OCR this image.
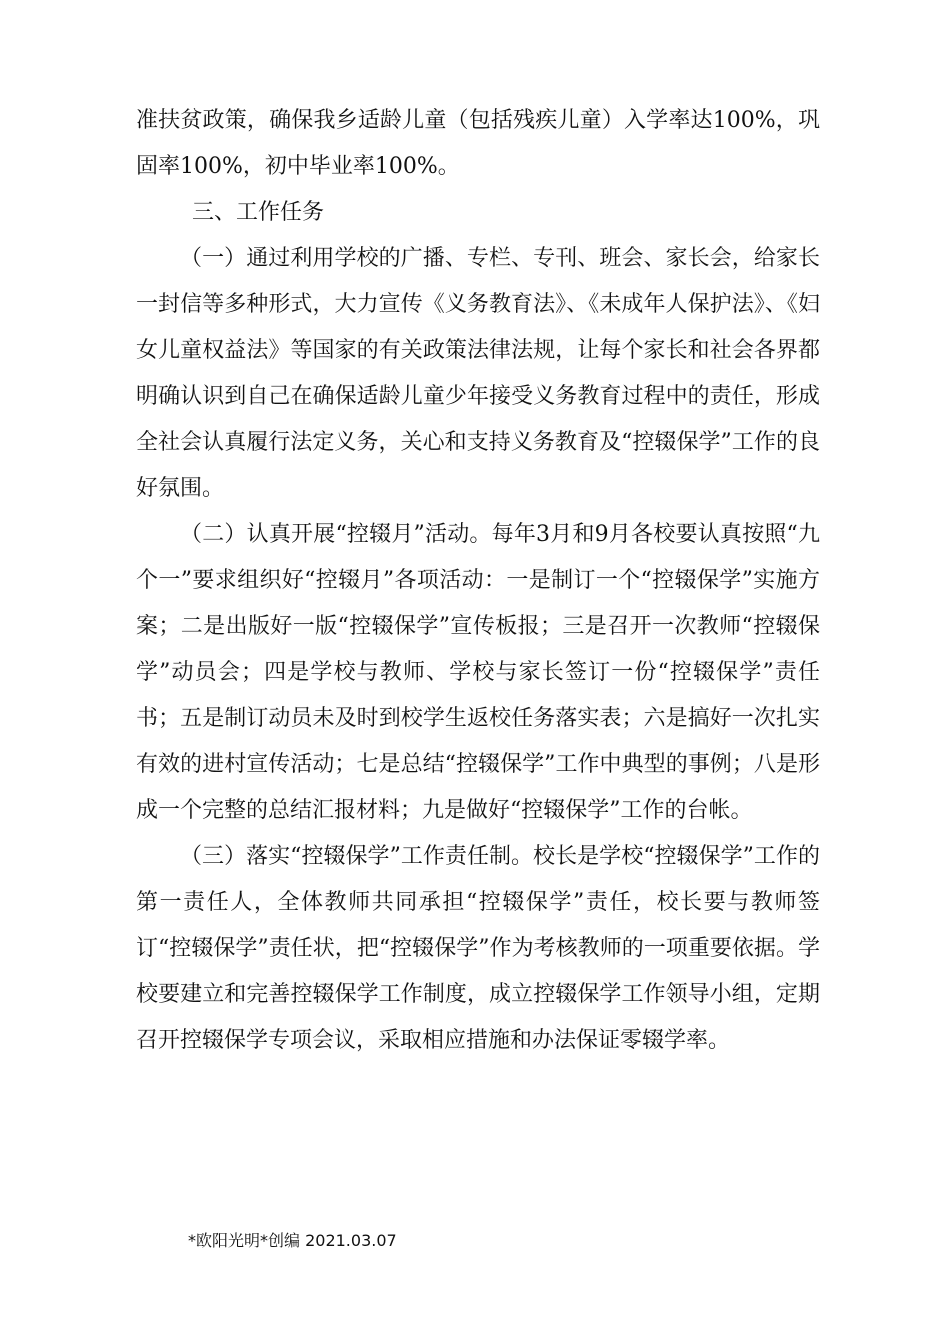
准扶贫政策，确保我乡适龄儿童（包括残疾儿童）入学率达100%，巩固率100%，初中毕业率100%。

三、工作任务

（一）通过利用学校的广播、专栏、专刊、班会、家长会，给家长一封信等多种形式，大力宣传《义务教育法》、《未成年人保护法》、《妇女儿童权益法》等国家的有关政策法律法规，让每个家长和社会各界都明确认识到自己在确保适龄儿童少年接受义务教育过程中的责任，形成全社会认真履行法定义务，关心和支持义务教育及“控辍保学”工作的良好氛围。

（二）认真开展“控辍月”活动。每年3月和9月各校要认真按照“九个一”要求组织好“控辍月”各项活动：一是制订一个“控辍保学”实施方案；二是出版好一版“控辍保学”宣传板报；三是召开一次教师“控辍保学”动员会；四是学校与教师、学校与家长签订一份“控辍保学”责任书；五是制订动员未及时到校学生返校任务落实表；六是搞好一次扎实有效的进村宣传活动；七是总结“控辍保学”工作中典型的事例；八是形成一个完整的总结汇报材料；九是做好“控辍保学”工作的台帐。

（三）落实“控辍保学”工作责任制。校长是学校“控辍保学”工作的第一责任人，全体教师共同承担“控辍保学”责任，校长要与教师签订“控辍保学”责任状，把“控辍保学”作为考核教师的一项重要依据。学校要建立和完善控辍保学工作制度，成立控辍保学工作领导小组，定期召开控辍保学专项会议，采取相应措施和办法保证零辍学率。

*欧阳光明*创编 2021.03.07
